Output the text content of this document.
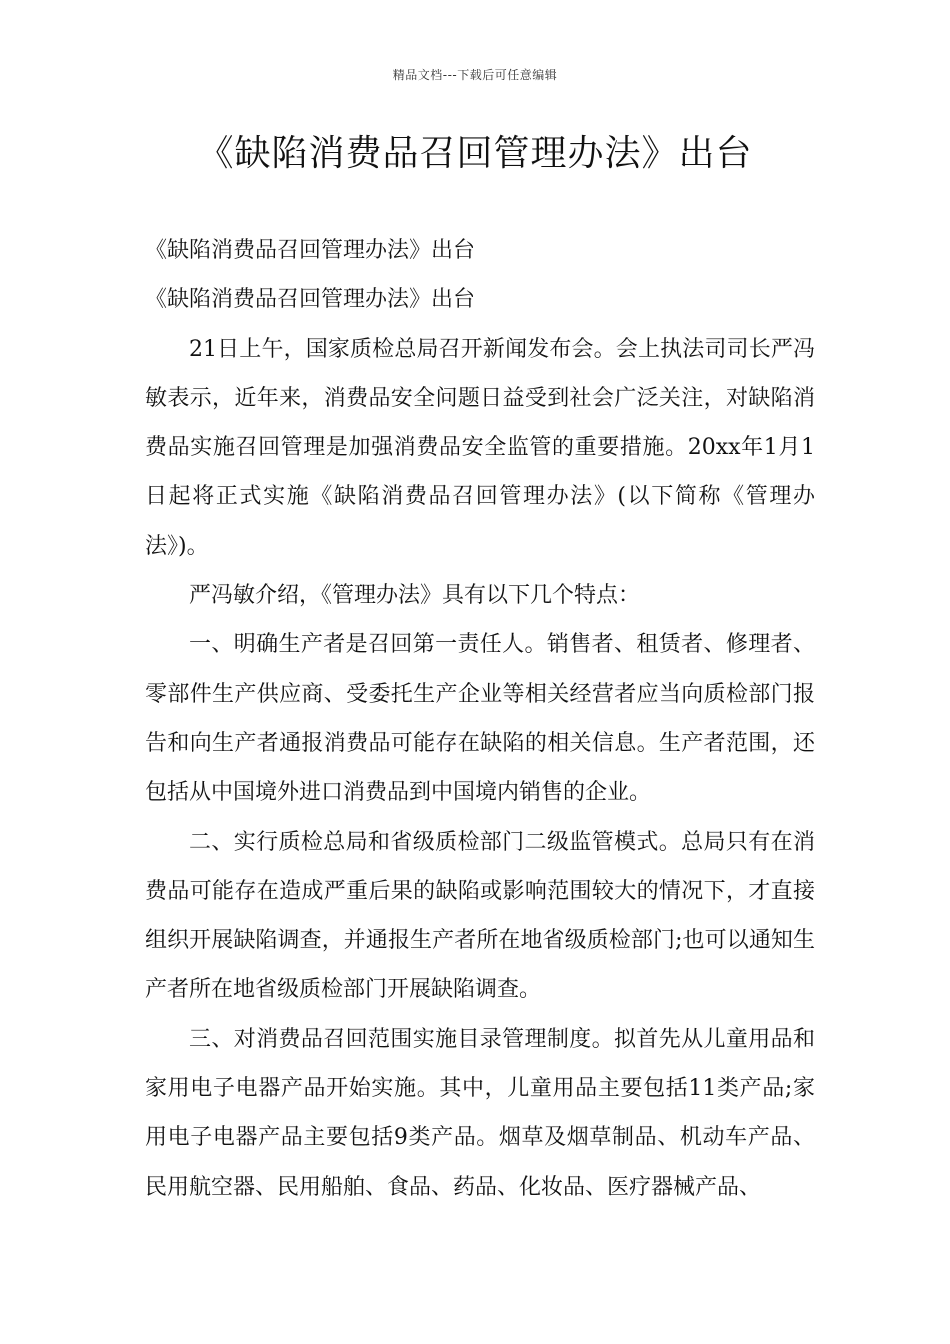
精品文档---下载后可任意编辑
《缺陷消费品召回管理办法》出台

《缺陷消费品召回管理办法》出台

《缺陷消费品召回管理办法》出台

21日上午，国家质检总局召开新闻发布会。会上执法司司长严冯敏表示，近年来，消费品安全问题日益受到社会广泛关注，对缺陷消费品实施召回管理是加强消费品安全监管的重要措施。20xx年1月1日起将正式实施《缺陷消费品召回管理办法》(以下简称《管理办法》)。

严冯敏介绍，《管理办法》具有以下几个特点：

一、明确生产者是召回第一责任人。销售者、租赁者、修理者、零部件生产供应商、受委托生产企业等相关经营者应当向质检部门报告和向生产者通报消费品可能存在缺陷的相关信息。生产者范围，还包括从中国境外进口消费品到中国境内销售的企业。

二、实行质检总局和省级质检部门二级监管模式。总局只有在消费品可能存在造成严重后果的缺陷或影响范围较大的情况下，才直接组织开展缺陷调查，并通报生产者所在地省级质检部门;也可以通知生产者所在地省级质检部门开展缺陷调查。

三、对消费品召回范围实施目录管理制度。拟首先从儿童用品和家用电子电器产品开始实施。其中，儿童用品主要包括11类产品;家用电子电器产品主要包括9类产品。烟草及烟草制品、机动车产品、民用航空器、民用船舶、食品、药品、化妆品、医疗器械产品、
